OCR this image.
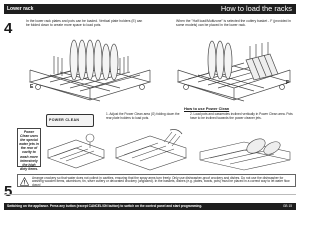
Lower rack	How to load the racks
4	In the lower rack plates and pots can be loaded. Vertical plate holders (E) can be folded down to create more space to load pots.
When the "Half load/Multizone" is selected the cutlery basket - F (provided in some models) can be placed in the lower rack.
E
F
How to use Power Clean
1. Adjust the Power Clean area (G) folding down the rear plate holders to load pots.
2. Load pots and casseroles inclined vertically in Power Clean area. Pots have to be inclined towards the power cleaner jets.
Power Clean uses the special water jets in the rear of cavity to wash more intensively the high dirty items.
POWER CLEAN
5
Arrange crockery so that water does not collect in cavities, ensuring that the spray arms turn freely. Only use dishwasher-proof crockery and dishes. Do not use the dishwasher for washing wooden items, aluminium, tin, silver cutlery or decorated crockery (unglazed). In the baskets, dishes (e.g. plates, bowls, pots) must be placed in a correct way to let water flow down!
Switching on the appliance. Press any button (except CANCEL/ON button) to switch on the control panel and start programming.	GB 15
